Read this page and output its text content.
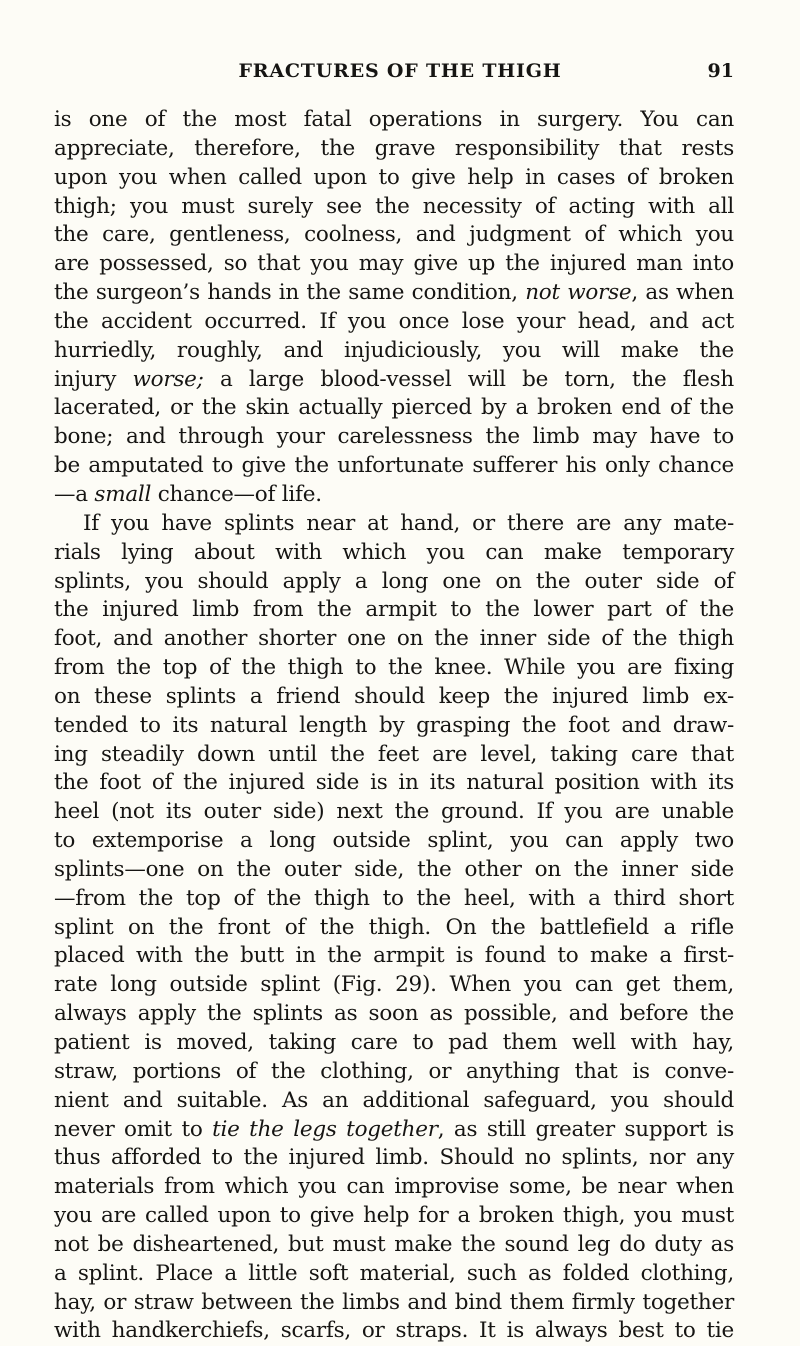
FRACTURES OF THE THIGH	91
is one of the most fatal operations in surgery. You can
appreciate, therefore, the grave responsibility that rests
upon you when called upon to give help in cases of broken
thigh; you must surely see the necessity of acting with all
the care, gentleness, coolness, and judgment of which you
are possessed, so that you may give up the injured man into
the surgeon’s hands in the same condition, not worse, as when
the accident occurred. If you once lose your head, and act
hurriedly, roughly, and injudiciously, you will make the
injury worse; a large blood-vessel will be torn, the flesh
lacerated, or the skin actually pierced by a broken end of the
bone; and through your carelessness the limb may have to
be amputated to give the unfortunate sufferer his only chance
—a small chance—of life.
If you have splints near at hand, or there are any mate-
rials lying about with which you can make temporary
splints, you should apply a long one on the outer side of
the injured limb from the armpit to the lower part of the
foot, and another shorter one on the inner side of the thigh
from the top of the thigh to the knee. While you are fixing
on these splints a friend should keep the injured limb ex-
tended to its natural length by grasping the foot and draw-
ing steadily down until the feet are level, taking care that
the foot of the injured side is in its natural position with its
heel (not its outer side) next the ground. If you are unable
to extemporise a long outside splint, you can apply two
splints—one on the outer side, the other on the inner side
—from the top of the thigh to the heel, with a third short
splint on the front of the thigh. On the battlefield a rifle
placed with the butt in the armpit is found to make a first-
rate long outside splint (Fig. 29). When you can get them,
always apply the splints as soon as possible, and before the
patient is moved, taking care to pad them well with hay,
straw, portions of the clothing, or anything that is conve-
nient and suitable. As an additional safeguard, you should
never omit to tie the legs together, as still greater support is
thus afforded to the injured limb. Should no splints, nor any
materials from which you can improvise some, be near when
you are called upon to give help for a broken thigh, you must
not be disheartened, but must make the sound leg do duty as
a splint. Place a little soft material, such as folded clothing,
hay, or straw between the limbs and bind them firmly together
with handkerchiefs, scarfs, or straps. It is always best to tie
